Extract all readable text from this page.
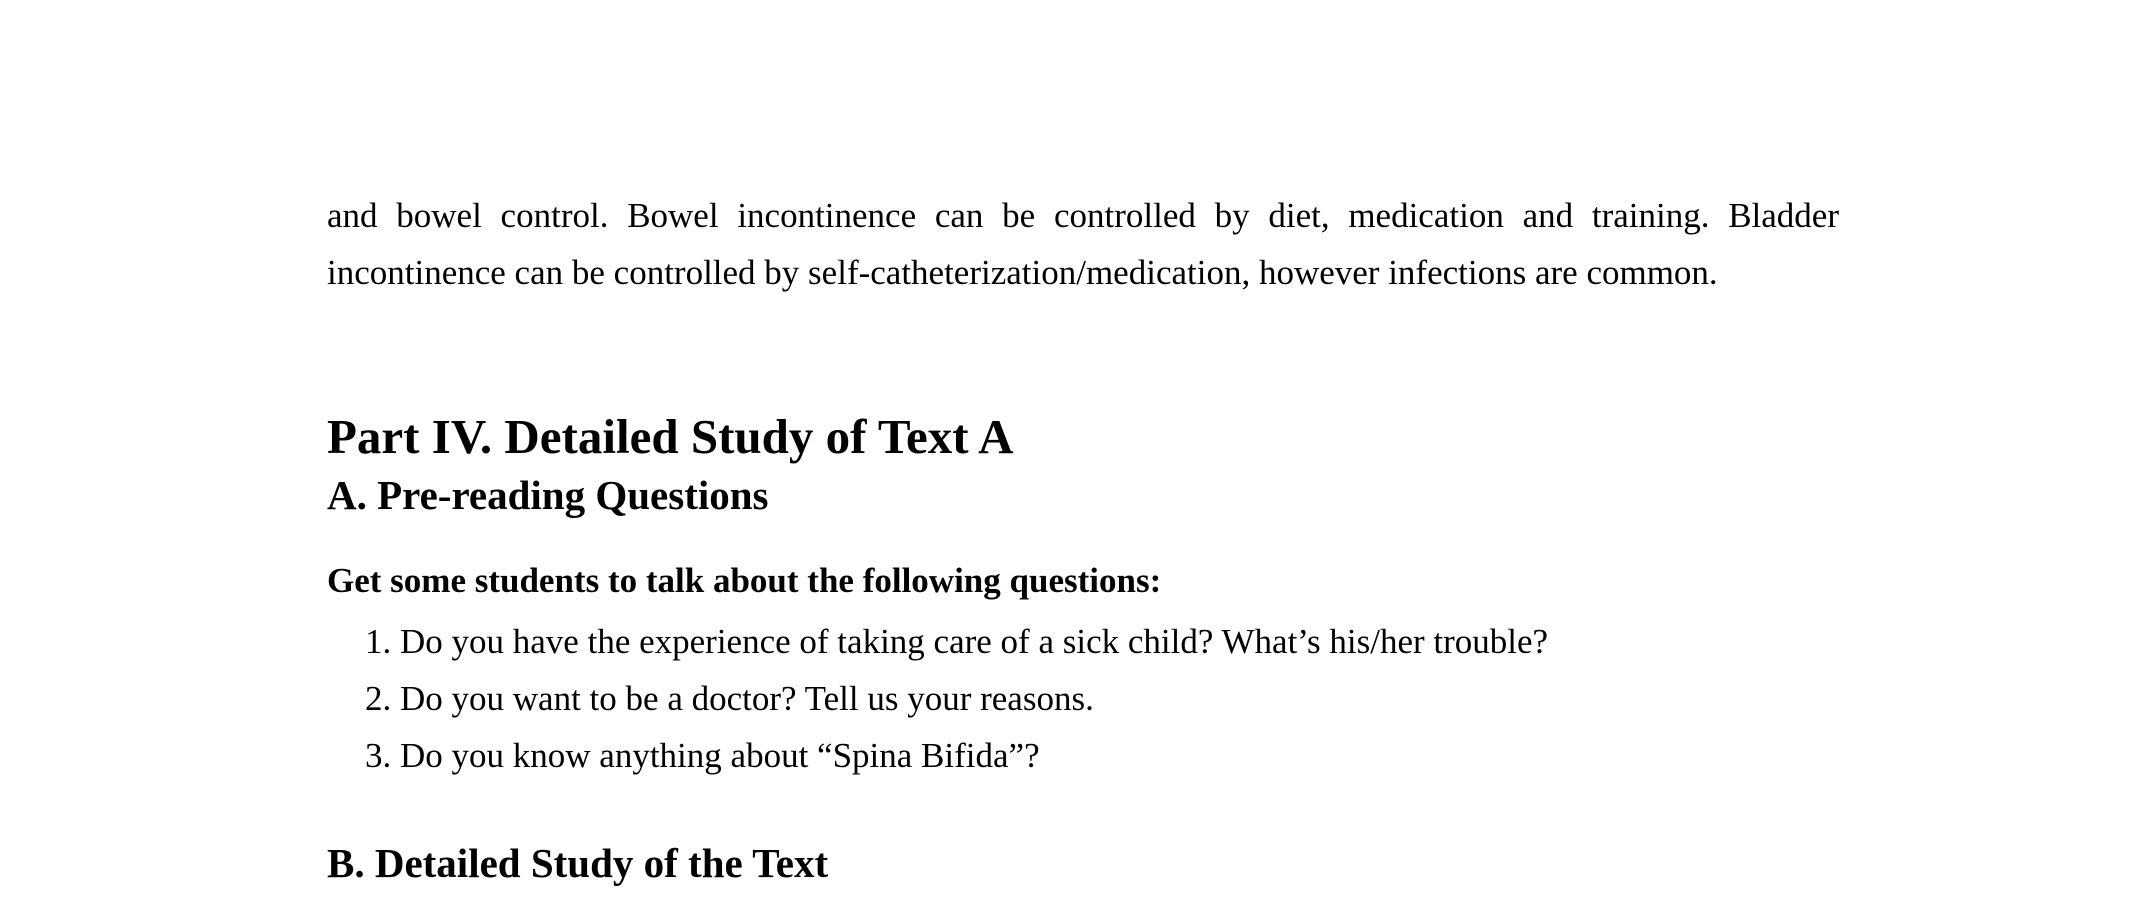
and bowel control. Bowel incontinence can be controlled by diet, medication and training. Bladder incontinence can be controlled by self-catheterization/medication, however infections are common.

Part IV. Detailed Study of Text A
A. Pre-reading Questions

Get some students to talk about the following questions:

1. Do you have the experience of taking care of a sick child? What’s his/her trouble?
2. Do you want to be a doctor? Tell us your reasons.
3. Do you know anything about “Spina Bifida”?
B. Detailed Study of the Text
